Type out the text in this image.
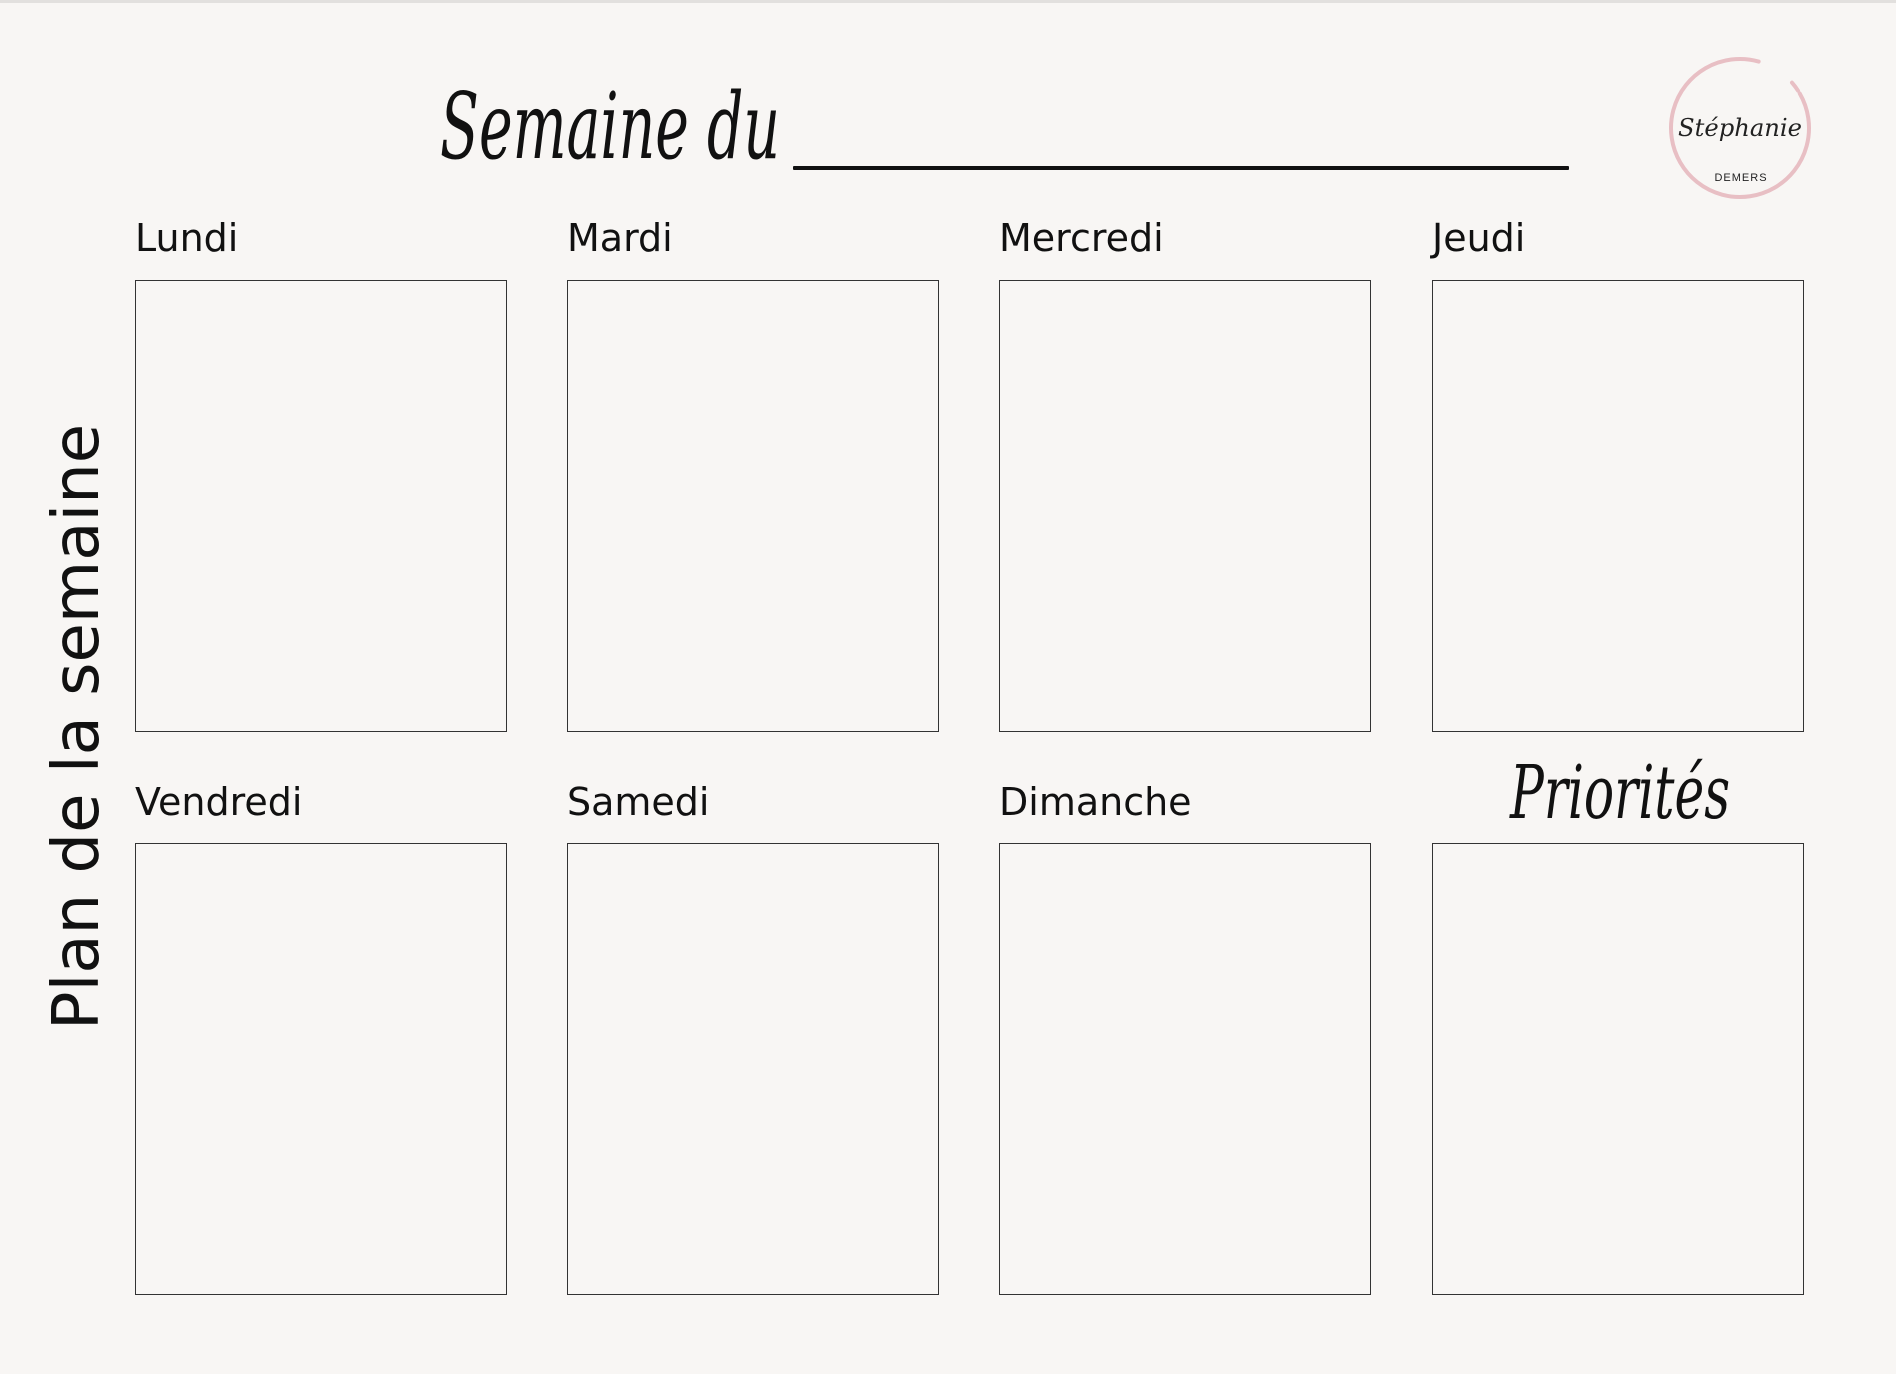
Plan de la semaine
Semaine du	Stéphanie
DEMERS
Lundi	Mardi	Mercredi	Jeudi
Vendredi	Samedi	Dimanche	Priorités
